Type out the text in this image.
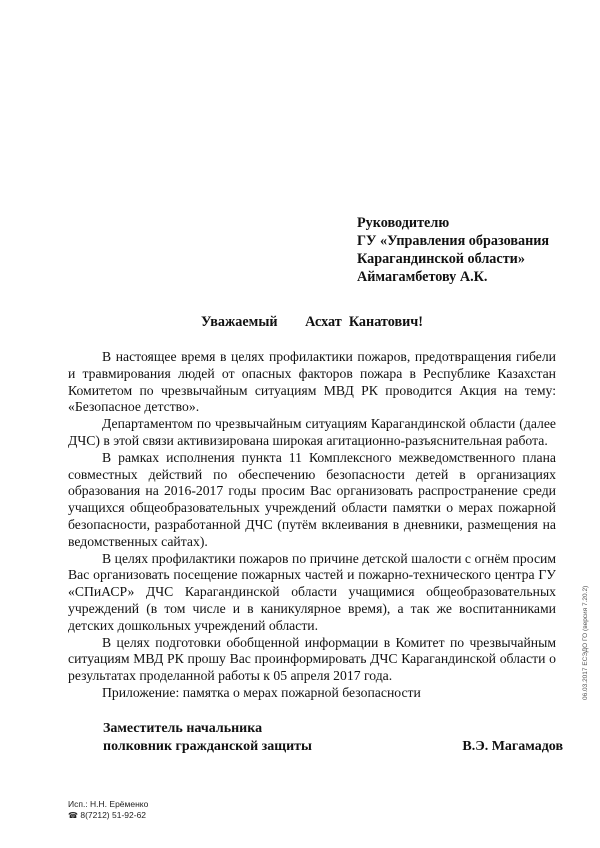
Руководителю
ГУ «Управления образования
Карагандинской области»
Аймагамбетову А.К.
Уважаемый Асхат  Канатович!

В настоящее время в целях профилактики пожаров, предотвращения гибели и травмирования людей от опасных факторов пожара в Республике Казахстан Комитетом по чрезвычайным ситуациям МВД РК проводится Акция на тему: «Безопасное детство».

Департаментом по чрезвычайным ситуациям Карагандинской области (далее ДЧС) в этой связи активизирована широкая агитационно-разъяснительная работа.

В рамках исполнения пункта 11 Комплексного межведомственного плана совместных действий по обеспечению безопасности детей в организациях образования на 2016-2017 годы просим Вас организовать распространение среди учащихся общеобразовательных учреждений области памятки о мерах пожарной безопасности, разработанной ДЧС (путём вклеивания в дневники, размещения на ведомственных сайтах).

В целях профилактики пожаров по причине детской шалости с огнём просим Вас организовать посещение пожарных частей и пожарно-технического центра ГУ «СПиАСР» ДЧС Карагандинской области учащимися общеобразовательных учреждений (в том числе и в каникулярное время), а так же воспитанниками детских дошкольных учреждений области.

В целях подготовки обобщенной информации в Комитет по чрезвычайным ситуациям МВД РК прошу Вас проинформировать ДЧС Карагандинской области о результатах проделанной работы к 05 апреля 2017 года.

Приложение: памятка о мерах пожарной безопасности

Заместитель начальника
полковник гражданской защиты	В.Э. Магамадов
Исп.: Н.Н. Ерёменко
☎ 8(7212) 51-92-62
06.03.2017 ЕСЭДО ГО (версия 7.20.2)
